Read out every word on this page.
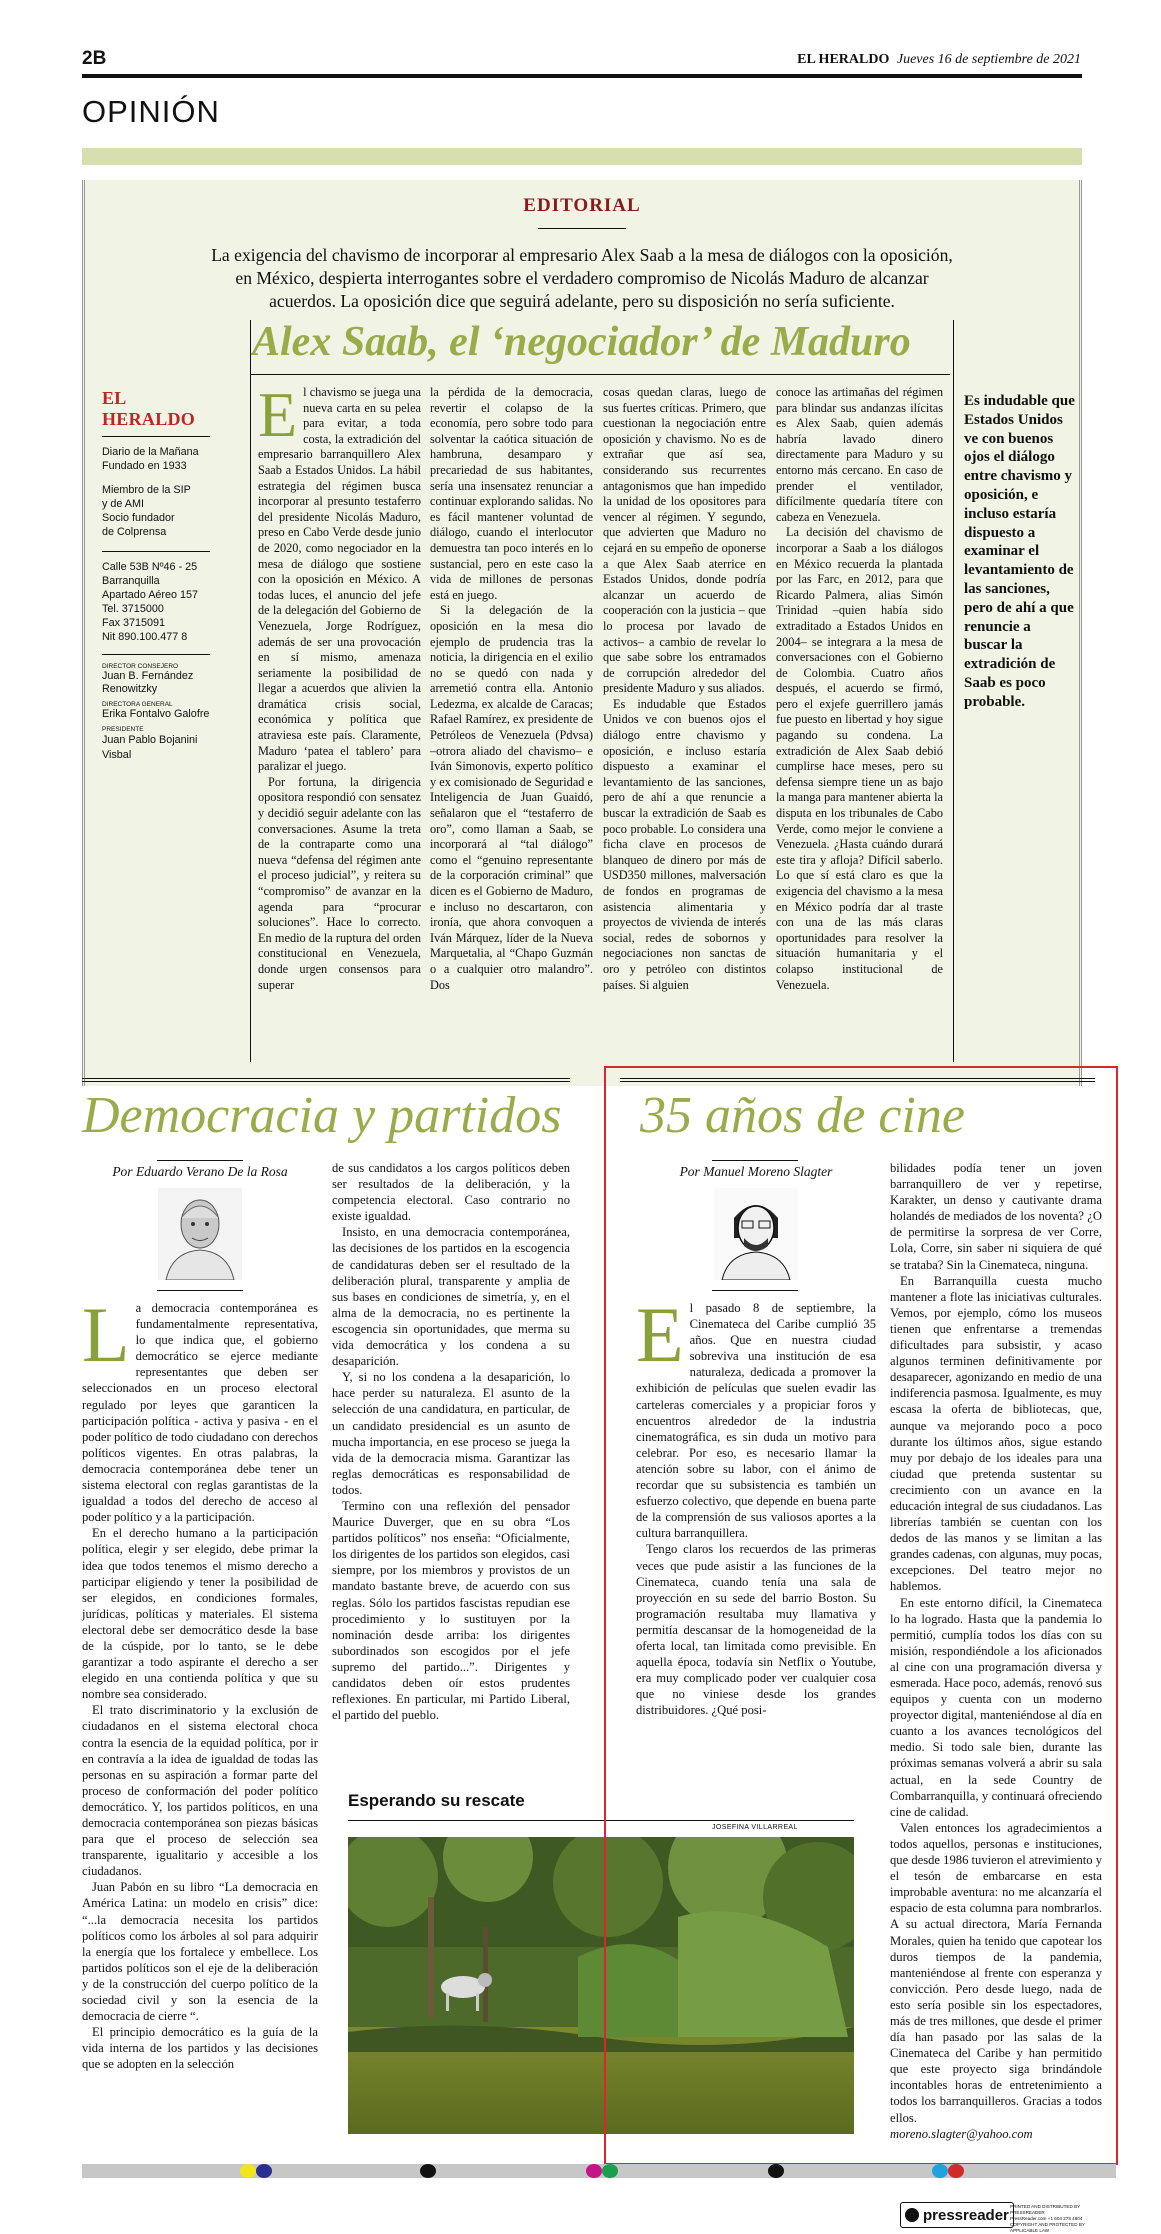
2B	EL HERALDO Jueves 16 de septiembre de 2021
OPINIÓN
EDITORIAL
La exigencia del chavismo de incorporar al empresario Alex Saab a la mesa de diálogos con la oposición, en México, despierta interrogantes sobre el verdadero compromiso de Nicolás Maduro de alcanzar acuerdos. La oposición dice que seguirá adelante, pero su disposición no sería suficiente.
Alex Saab, el ‘negociador’ de Maduro
EL HERALDO
Diario de la Mañana
Fundado en 1933
Miembro de la SIP
y de AMI
Socio fundador
de Colprensa
Calle 53B Nº46 - 25
Barranquilla
Apartado Aéreo 157
Tel. 3715000
Fax 3715091
Nit 890.100.477 8
DIRECTOR CONSEJERO
Juan B. Fernández Renowitzky
DIRECTORA GENERAL
Erika Fontalvo Galofre
PRESIDENTE
Juan Pablo Bojanini Visbal
E l chavismo se juega una nueva carta en su pelea para evitar, a toda costa, la extradición del empresario barranquillero Alex Saab a Estados Unidos. La hábil estrategia del régimen busca incorporar al presunto testaferro del presidente Nicolás Maduro, preso en Cabo Verde desde junio de 2020, como negociador en la mesa de diálogo que sostiene con la oposición en México. A todas luces, el anuncio del jefe de la delegación del Gobierno de Venezuela, Jorge Rodríguez, además de ser una provocación en sí mismo, amenaza seriamente la posibilidad de llegar a acuerdos que alivien la dramática crisis social, económica y política que atraviesa este país. Claramente, Maduro ‘patea el tablero’ para paralizar el juego.

Por fortuna, la dirigencia opositora respondió con sensatez y decidió seguir adelante con las conversaciones. Asume la treta de la contraparte como una nueva “defensa del régimen ante el proceso judicial”, y reitera su “compromiso” de avanzar en la agenda para “procurar soluciones”. Hace lo correcto. En medio de la ruptura del orden constitucional en Venezuela, donde urgen consensos para superar

la pérdida de la democracia, revertir el colapso de la economía, pero sobre todo para solventar la caótica situación de hambruna, desamparo y precariedad de sus habitantes, sería una insensatez renunciar a continuar explorando salidas. No es fácil mantener voluntad de diálogo, cuando el interlocutor demuestra tan poco interés en lo sustancial, pero en este caso la vida de millones de personas está en juego.

Si la delegación de la oposición en la mesa dio ejemplo de prudencia tras la noticia, la dirigencia en el exilio no se quedó con nada y arremetió contra ella. Antonio Ledezma, ex alcalde de Caracas; Rafael Ramírez, ex presidente de Petróleos de Venezuela (Pdvsa) –otrora aliado del chavismo– e Iván Simonovis, experto político y ex comisionado de Seguridad e Inteligencia de Juan Guaidó, señalaron que el “testaferro de oro”, como llaman a Saab, se incorporará al “tal diálogo” como el “genuino representante de la corporación criminal” que dicen es el Gobierno de Maduro, e incluso no descartaron, con ironía, que ahora convoquen a Iván Márquez, líder de la Nueva Marquetalia, al “Chapo Guzmán o a cualquier otro malandro”. Dos

cosas quedan claras, luego de sus fuertes críticas. Primero, que cuestionan la negociación entre oposición y chavismo. No es de extrañar que así sea, considerando sus recurrentes antagonismos que han impedido la unidad de los opositores para vencer al régimen. Y segundo, que advierten que Maduro no cejará en su empeño de oponerse a que Alex Saab aterrice en Estados Unidos, donde podría alcanzar un acuerdo de cooperación con la justicia – que lo procesa por lavado de activos– a cambio de revelar lo que sabe sobre los entramados de corrupción alrededor del presidente Maduro y sus aliados.

Es indudable que Estados Unidos ve con buenos ojos el diálogo entre chavismo y oposición, e incluso estaría dispuesto a examinar el levantamiento de las sanciones, pero de ahí a que renuncie a buscar la extradición de Saab es poco probable. Lo considera una ficha clave en procesos de blanqueo de dinero por más de USD350 millones, malversación de fondos en programas de asistencia alimentaria y proyectos de vivienda de interés social, redes de sobornos y negociaciones non sanctas de oro y petróleo con distintos países. Si alguien

conoce las artimañas del régimen para blindar sus andanzas ilícitas es Alex Saab, quien además habría lavado dinero directamente para Maduro y su entorno más cercano. En caso de prender el ventilador, difícilmente quedaría títere con cabeza en Venezuela.

La decisión del chavismo de incorporar a Saab a los diálogos en México recuerda la plantada por las Farc, en 2012, para que Ricardo Palmera, alias Simón Trinidad –quien había sido extraditado a Estados Unidos en 2004– se integrara a la mesa de conversaciones con el Gobierno de Colombia. Cuatro años después, el acuerdo se firmó, pero el exjefe guerrillero jamás fue puesto en libertad y hoy sigue pagando su condena. La extradición de Alex Saab debió cumplirse hace meses, pero su defensa siempre tiene un as bajo la manga para mantener abierta la disputa en los tribunales de Cabo Verde, como mejor le conviene a Venezuela. ¿Hasta cuándo durará este tira y afloja? Difícil saberlo. Lo que sí está claro es que la exigencia del chavismo a la mesa en México podría dar al traste con una de las más claras oportunidades para resolver la situación humanitaria y el colapso institucional de Venezuela.

Es indudable que Estados Unidos ve con buenos ojos el diálogo entre chavismo y oposición, e incluso estaría dispuesto a examinar el levantamiento de las sanciones, pero de ahí a que renuncie a buscar la extradición de Saab es poco probable.
Democracia y partidos
Por Eduardo Verano De la Rosa
L a democracia contemporánea es fundamentalmente representativa, lo que indica que, el gobierno democrático se ejerce mediante representantes que deben ser seleccionados en un proceso electoral regulado por leyes que garanticen la participación política - activa y pasiva - en el poder político de todo ciudadano con derechos políticos vigentes. En otras palabras, la democracia contemporánea debe tener un sistema electoral con reglas garantistas de la igualdad a todos del derecho de acceso al poder político y a la participación.

En el derecho humano a la participación política, elegir y ser elegido, debe primar la idea que todos tenemos el mismo derecho a participar eligiendo y tener la posibilidad de ser elegidos, en condiciones formales, jurídicas, políticas y materiales. El sistema electoral debe ser democrático desde la base de la cúspide, por lo tanto, se le debe garantizar a todo aspirante el derecho a ser elegido en una contienda política y que su nombre sea considerado.

El trato discriminatorio y la exclusión de ciudadanos en el sistema electoral choca contra la esencia de la equidad política, por ir en contravía a la idea de igualdad de todas las personas en su aspiración a formar parte del proceso de conformación del poder político democrático. Y, los partidos políticos, en una democracia contemporánea son piezas básicas para que el proceso de selección sea transparente, igualitario y accesible a los ciudadanos.

Juan Pabón en su libro “La democracia en América Latina: un modelo en crisis” dice: “...la democracia necesita los partidos políticos como los árboles al sol para adquirir la energía que los fortalece y embellece. Los partidos políticos son el eje de la deliberación y de la construcción del cuerpo político de la sociedad civil y son la esencia de la democracia de cierre “.

El principio democrático es la guía de la vida interna de los partidos y las decisiones que se adopten en la selección

de sus candidatos a los cargos políticos deben ser resultados de la deliberación, y la competencia electoral. Caso contrario no existe igualdad.

Insisto, en una democracia contemporánea, las decisiones de los partidos en la escogencia de candidaturas deben ser el resultado de la deliberación plural, transparente y amplia de sus bases en condiciones de simetría, y, en el alma de la democracia, no es pertinente la escogencia sin oportunidades, que merma su vida democrática y los condena a su desaparición.

Y, si no los condena a la desaparición, lo hace perder su naturaleza. El asunto de la selección de una candidatura, en particular, de un candidato presidencial es un asunto de mucha importancia, en ese proceso se juega la vida de la democracia misma. Garantizar las reglas democráticas es responsabilidad de todos.

Termino con una reflexión del pensador Maurice Duverger, que en su obra “Los partidos políticos” nos enseña: “Oficialmente, los dirigentes de los partidos son elegidos, casi siempre, por los miembros y provistos de un mandato bastante breve, de acuerdo con sus reglas. Sólo los partidos fascistas repudian ese procedimiento y lo sustituyen por la nominación desde arriba: los dirigentes subordinados son escogidos por el jefe supremo del partido...”. Dirigentes y candidatos deben oír estos prudentes reflexiones. En particular, mi Partido Liberal, el partido del pueblo.

Esperando su rescate
JOSEFINA VILLARREAL
35 años de cine
Por Manuel Moreno Slagter
E l pasado 8 de septiembre, la Cinemateca del Caribe cumplió 35 años. Que en nuestra ciudad sobreviva una institución de esa naturaleza, dedicada a promover la exhibición de películas que suelen evadir las carteleras comerciales y a propiciar foros y encuentros alrededor de la industria cinematográfica, es sin duda un motivo para celebrar. Por eso, es necesario llamar la atención sobre su labor, con el ánimo de recordar que su subsistencia es también un esfuerzo colectivo, que depende en buena parte de la comprensión de sus valiosos aportes a la cultura barranquillera.

Tengo claros los recuerdos de las primeras veces que pude asistir a las funciones de la Cinemateca, cuando tenía una sala de proyección en su sede del barrio Boston. Su programación resultaba muy llamativa y permitía descansar de la homogeneidad de la oferta local, tan limitada como previsible. En aquella época, todavía sin Netflix o Youtube, era muy complicado poder ver cualquier cosa que no viniese desde los grandes distribuidores. ¿Qué posi-

bilidades podía tener un joven barranquillero de ver y repetirse, Karakter, un denso y cautivante drama holandés de mediados de los noventa? ¿O de permitirse la sorpresa de ver Corre, Lola, Corre, sin saber ni siquiera de qué se trataba? Sin la Cinemateca, ninguna.

En Barranquilla cuesta mucho mantener a flote las iniciativas culturales. Vemos, por ejemplo, cómo los museos tienen que enfrentarse a tremendas dificultades para subsistir, y acaso algunos terminen definitivamente por desaparecer, agonizando en medio de una indiferencia pasmosa. Igualmente, es muy escasa la oferta de bibliotecas, que, aunque va mejorando poco a poco durante los últimos años, sigue estando muy por debajo de los ideales para una ciudad que pretenda sustentar su crecimiento con un avance en la educación integral de sus ciudadanos. Las librerías también se cuentan con los dedos de las manos y se limitan a las grandes cadenas, con algunas, muy pocas, excepciones. Del teatro mejor no hablemos.

En este entorno difícil, la Cinemateca lo ha logrado. Hasta que la pandemia lo permitió, cumplía todos los días con su misión, respondiéndole a los aficionados al cine con una programación diversa y esmerada. Hace poco, además, renovó sus equipos y cuenta con un moderno proyector digital, manteniéndose al día en cuanto a los avances tecnológicos del medio. Si todo sale bien, durante las próximas semanas volverá a abrir su sala actual, en la sede Country de Combarranquilla, y continuará ofreciendo cine de calidad.

Valen entonces los agradecimientos a todos aquellos, personas e instituciones, que desde 1986 tuvieron el atrevimiento y el tesón de embarcarse en esta improbable aventura: no me alcanzaría el espacio de esta columna para nombrarlos. A su actual directora, María Fernanda Morales, quien ha tenido que capotear los duros tiempos de la pandemia, manteniéndose al frente con esperanza y convicción. Pero desde luego, nada de esto sería posible sin los espectadores, más de tres millones, que desde el primer día han pasado por las salas de la Cinemateca del Caribe y han permitido que este proyecto siga brindándole incontables horas de entretenimiento a todos los barranquilleros. Gracias a todos ellos.

moreno.slagter@yahoo.com

pressreader PRINTED AND DISTRIBUTED BY PRESSREADER
PressReader.com +1 604 278 4604
COPYRIGHT AND PROTECTED BY APPLICABLE LAW
